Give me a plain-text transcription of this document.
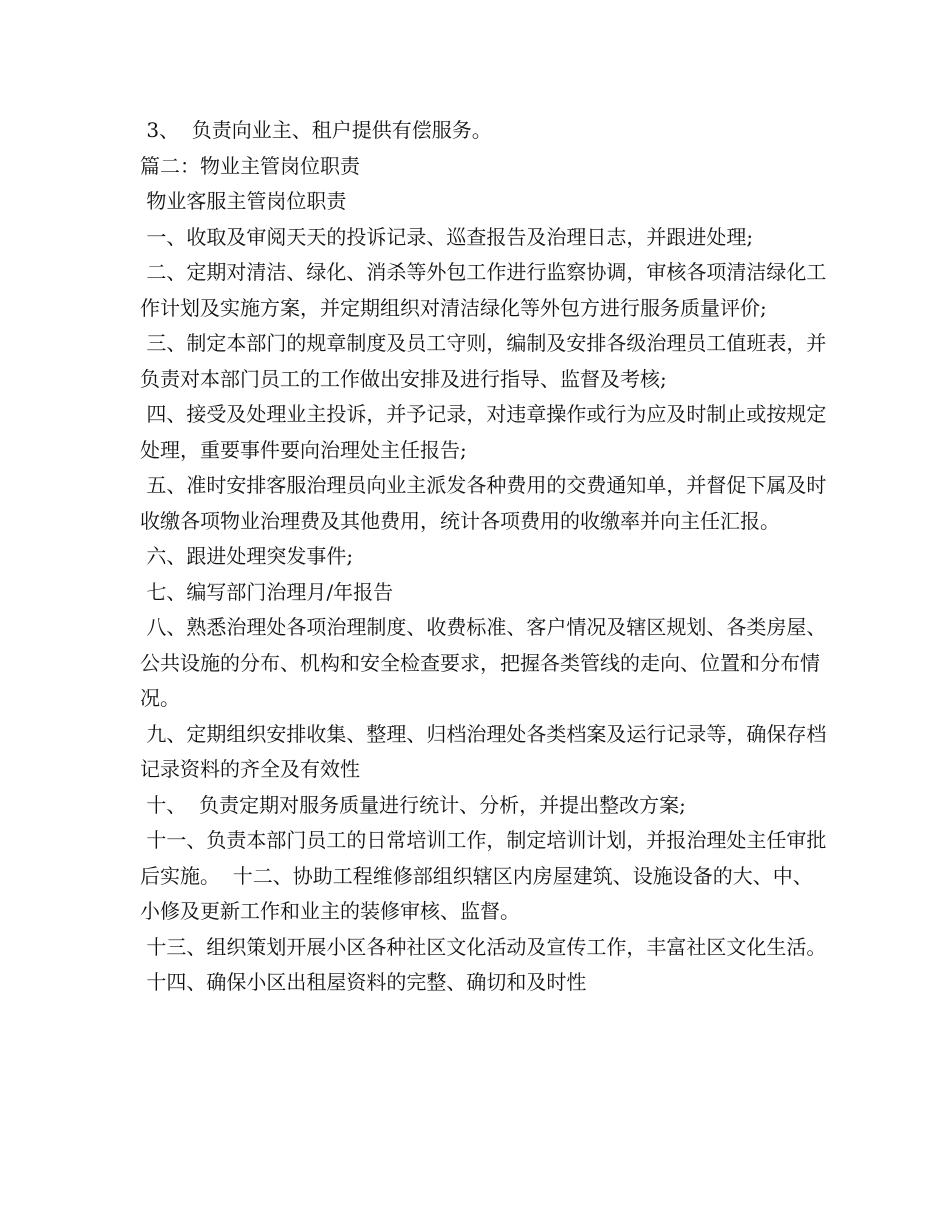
3、  负责向业主、租户提供有偿服务。

篇二：物业主管岗位职责

物业客服主管岗位职责

一、收取及审阅天天的投诉记录、巡查报告及治理日志，并跟进处理;

二、定期对清洁、绿化、消杀等外包工作进行监察协调，审核各项清洁绿化工作计划及实施方案，并定期组织对清洁绿化等外包方进行服务质量评价;

三、制定本部门的规章制度及员工守则，编制及安排各级治理员工值班表，并负责对本部门员工的工作做出安排及进行指导、监督及考核;

四、接受及处理业主投诉，并予记录，对违章操作或行为应及时制止或按规定处理，重要事件要向治理处主任报告;

五、准时安排客服治理员向业主派发各种费用的交费通知单，并督促下属及时收缴各项物业治理费及其他费用，统计各项费用的收缴率并向主任汇报。

六、跟进处理突发事件;

七、编写部门治理月/年报告

八、熟悉治理处各项治理制度、收费标准、客户情况及辖区规划、各类房屋、公共设施的分布、机构和安全检查要求，把握各类管线的走向、位置和分布情况。

九、定期组织安排收集、整理、归档治理处各类档案及运行记录等，确保存档记录资料的齐全及有效性

十、  负责定期对服务质量进行统计、分析，并提出整改方案;

十一、负责本部门员工的日常培训工作，制定培训计划，并报治理处主任审批后实施。  十二、协助工程维修部组织辖区内房屋建筑、设施设备的大、中、小修及更新工作和业主的装修审核、监督。

十三、组织策划开展小区各种社区文化活动及宣传工作，丰富社区文化生活。

十四、确保小区出租屋资料的完整、确切和及时性
